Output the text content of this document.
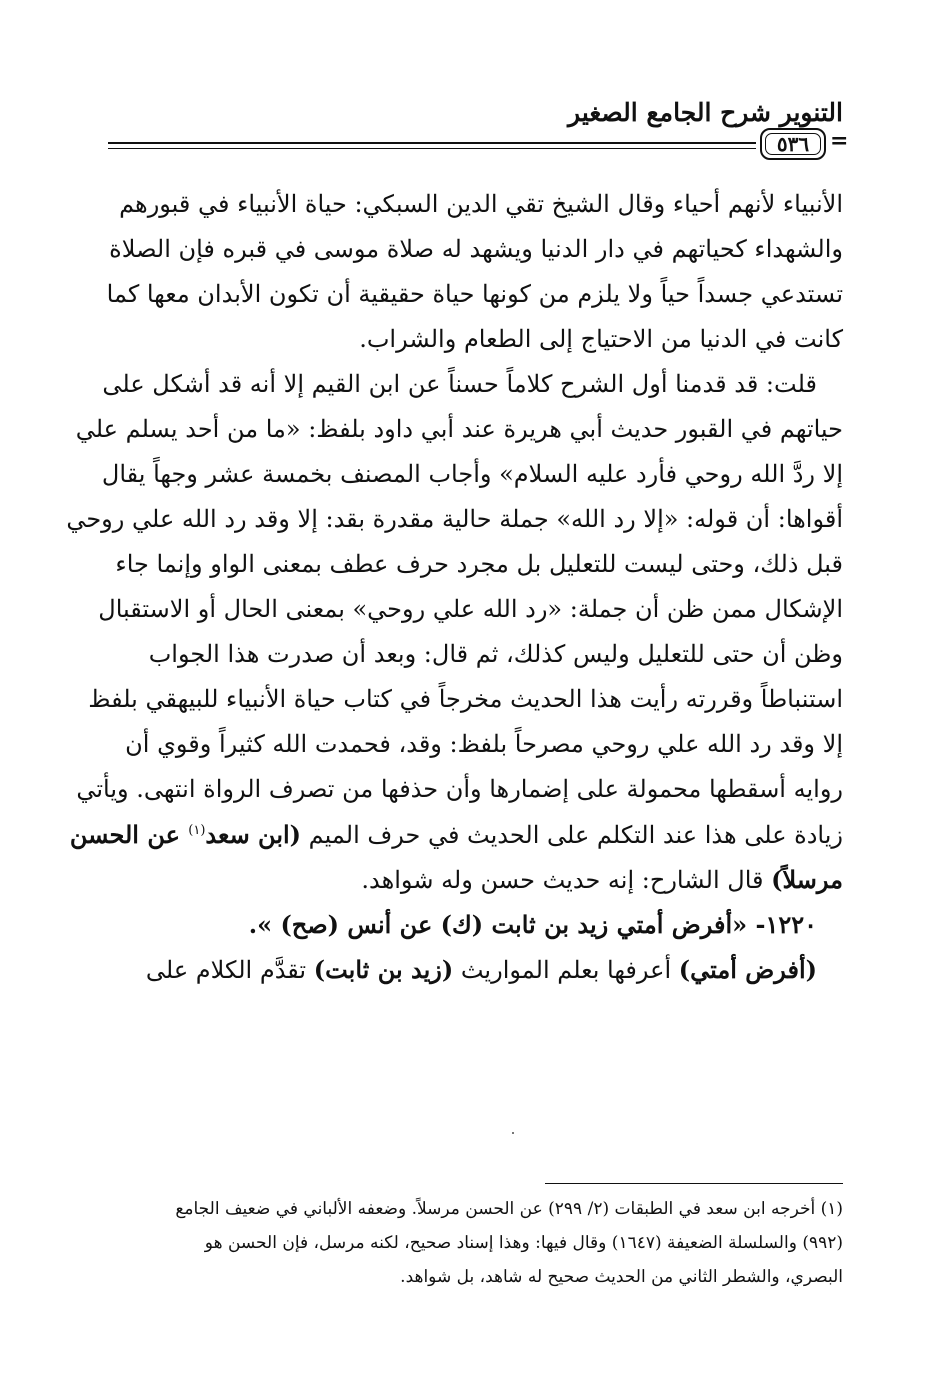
التنوير شرح الجامع الصغير
٥٣٦ =
الأنبياء لأنهم أحياء وقال الشيخ تقي الدين السبكي: حياة الأنبياء في قبورهم
والشهداء كحياتهم في دار الدنيا ويشهد له صلاة موسى في قبره فإن الصلاة
تستدعي جسداً حياً ولا يلزم من كونها حياة حقيقية أن تكون الأبدان معها كما
كانت في الدنيا من الاحتياج إلى الطعام والشراب.
قلت: قد قدمنا أول الشرح كلاماً حسناً عن ابن القيم إلا أنه قد أشكل على
حياتهم في القبور حديث أبي هريرة عند أبي داود بلفظ: «ما من أحد يسلم علي
إلا ردَّ الله روحي فأرد عليه السلام» وأجاب المصنف بخمسة عشر وجهاً يقال
أقواها: أن قوله: «إلا رد الله» جملة حالية مقدرة بقد: إلا وقد رد الله علي روحي
قبل ذلك، وحتى ليست للتعليل بل مجرد حرف عطف بمعنى الواو وإنما جاء
الإشكال ممن ظن أن جملة: «رد الله علي روحي» بمعنى الحال أو الاستقبال
وظن أن حتى للتعليل وليس كذلك، ثم قال: وبعد أن صدرت هذا الجواب
استنباطاً وقررته رأيت هذا الحديث مخرجاً في كتاب حياة الأنبياء للبيهقي بلفظ
إلا وقد رد الله علي روحي مصرحاً بلفظ: وقد، فحمدت الله كثيراً وقوي أن
روايه أسقطها محمولة على إضمارها وأن حذفها من تصرف الرواة انتهى. ويأتي
زيادة على هذا عند التكلم على الحديث في حرف الميم (ابن سعد$^{(١)}$ عن الحسن
مرسلاً) قال الشارح: إنه حديث حسن وله شواهد.
١٢٢٠- «أفرض أمتي زيد بن ثابت (ك) عن أنس (صح) ».
(أفرض أمتي) أعرفها بعلم المواريث (زيد بن ثابت) تقدَّم الكلام على
(١) أخرجه ابن سعد في الطبقات (٢/ ٢٩٩) عن الحسن مرسلاً. وضعفه الألباني في ضعيف الجامع
(٩٩٢) والسلسلة الضعيفة (١٦٤٧) وقال فيها: وهذا إسناد صحيح، لكنه مرسل، فإن الحسن هو
البصري، والشطر الثاني من الحديث صحيح له شاهد، بل شواهد.
